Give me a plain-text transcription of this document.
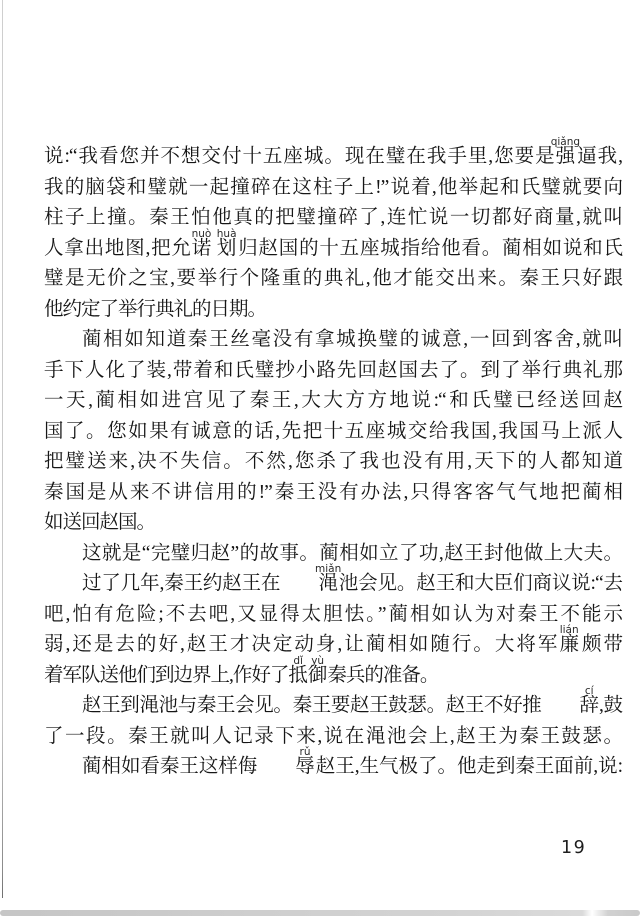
说:“我看您并不想交付十五座城。现在璧在我手里,您要是强
qiǎng
逼我,
我的脑袋和璧就一起撞碎在这柱子上!”说着,他举起和氏璧就要向
柱子上撞。秦王怕他真的把璧撞碎了,连忙说一切都好商量,就叫
人拿出地图,把允诺
nuò
划
huà
归赵国的十五座城指给他看。蔺相如说和氏
璧是无价之宝,要举行个隆重的典礼,他才能交出来。秦王只好跟
他约定了举行典礼的日期。
蔺相如知道秦王丝毫没有拿城换璧的诚意,一回到客舍,就叫
手下人化了装,带着和氏璧抄小路先回赵国去了。到了举行典礼那
一天,蔺相如进宫见了秦王,大大方方地说:“和氏璧已经送回赵
国了。您如果有诚意的话,先把十五座城交给我国,我国马上派人
把璧送来,决不失信。不然,您杀了我也没有用,天下的人都知道
秦国是从来不讲信用的!”秦王没有办法,只得客客气气地把蔺相
如送回赵国。
这就是“完璧归赵”的故事。蔺相如立了功,赵王封他做上大夫。
过了几年,秦王约赵王在 渑
miǎn
池会见。赵王和大臣们商议说:“去
吧,怕有危险;不去吧,又显得太胆怯。”蔺相如认为对秦王不能示
弱,还是去的好,赵王才决定动身,让蔺相如随行。大将军廉
lián
颇带
着军队送他们到边界上,作好了抵
dǐ
御
yù
秦兵的准备。
赵王到渑池与秦王会见。秦王要赵王鼓瑟。赵王不好推 辞
cí
,鼓
了一段。秦王就叫人记录下来,说在渑池会上,赵王为秦王鼓瑟。
蔺相如看秦王这样侮 辱
rǔ
赵王,生气极了。他走到秦王面前,说:
19
